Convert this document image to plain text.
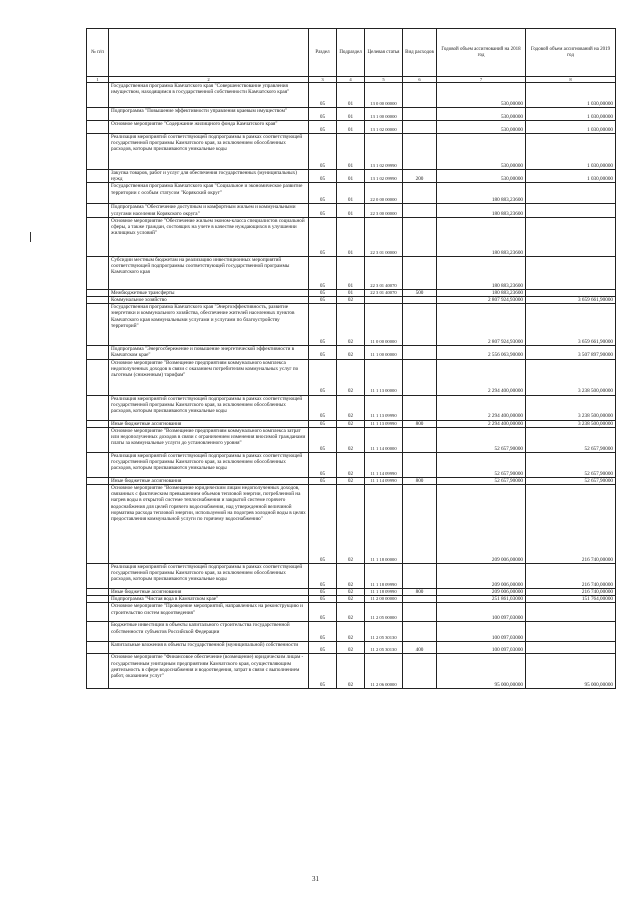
№ п/п		Раздел	Подраздел	Целевая статья	Вид расходов	Годовой объем ассигнований на 2018 год	Годовой объем ассигнований на 2019 год
1	2	3	4	5	6	7	8
	Государственная программа Камчатского края "Совершенствование управления имуществом, находящимся в государственной собственности Камчатского края"	05	01	13 0 00 00000		530,00000	1 030,00000
	Подпрограмма "Повышение эффективности управления краевым имуществом"	05	01	13 1 00 00000		530,00000	1 030,00000
	Основное мероприятие "Содержание жилищного фонда Камчатского края"	05	01	13 1 02 00000		530,00000	1 030,00000
	Реализация мероприятий соответствующей подпрограммы в рамках соответствующей государственной программы Камчатского края, за исключением обособленных расходов, которым присваиваются уникальные коды	05	01	13 1 02 09990		530,00000	1 030,00000
	Закупка товаров, работ и услуг для обеспечения государственных (муниципальных) нужд	05	01	13 1 02 09990	200	530,00000	1 030,00000
	Государственная программа Камчатского края "Социальное и экономическое развитие территории с особым статусом "Корякский округ"	05	01	22 0 00 00000		180 883,23600	
	Подпрограмма "Обеспечение доступным и комфортным жильем и коммунальными услугами населения Корякского округа"	05	01	22 3 00 00000		180 883,23600	
	Основное мероприятие "Обеспечение жильем эконом-класса специалистов социальной сферы, а также граждан, состоящих на учете в качестве нуждающихся в улучшении жилищных условий"	05	01	22 3 01 00000		180 883,23600	
	Субсидии местным бюджетам на реализацию инвестиционных мероприятий соответствующей подпрограммы соответствующей государственной программы Камчатского края	05	01	22 3 01 40070		180 883,23600	
	Межбюджетные трансферты	05	01	22 3 01 40070	500	180 883,23600	
	Коммунальное хозяйство	05	02			2 807 924,93000	3 659 661,90000
	Государственная программа Камчатского края "Энергоэффективность, развитие энергетики и коммунального хозяйства, обеспечение жителей населенных пунктов Камчатского края коммунальными услугами и услугами по благоустройству территорий"	05	02	11 0 00 00000		2 807 924,93000	3 659 661,90000
	Подпрограмма "Энергосбережение и повышение энергетической эффективности в Камчатском крае"	05	02	11 1 00 00000		2 556 063,90000	3 507 897,90000
	Основное мероприятие "Возмещение предприятиям коммунального комплекса недополученных доходов в связи с оказанием потребителям коммунальных услуг по льготным (сниженным) тарифам"	05	02	11 1 13 00000		2 294 400,00000	3 238 500,00000
	Реализация мероприятий соответствующей подпрограммы в рамках соответствующей государственной программы Камчатского края, за исключением обособленных расходов, которым присваиваются уникальные коды	05	02	11 1 13 09990		2 294 400,00000	3 238 500,00000
	Иные бюджетные ассигнования	05	02	11 1 13 09990	800	2 294 400,00000	3 238 500,00000
	Основное мероприятие "Возмещение предприятиям коммунального комплекса затрат или недополученных доходов в связи с ограничением изменения вносимой гражданами платы за коммунальные услуги до установленного уровня"	05	02	11 1 14 00000		52 657,90000	52 657,90000
	Реализация мероприятий соответствующей подпрограммы в рамках соответствующей государственной программы Камчатского края, за исключением обособленных расходов, которым присваиваются уникальные коды	05	02	11 1 14 09990		52 657,90000	52 657,90000
	Иные бюджетные ассигнования	05	02	11 1 14 09990	800	52 657,90000	52 657,90000
	Основное мероприятие "Возмещение юридическим лицам недополученных доходов, связанных с фактическим превышением объемов тепловой энергии, потребленной на нагрев воды в открытой системе теплоснабжения и закрытой системе горячего водоснабжения для целей горячего водоснабжения, над утвержденной величиной норматива расхода тепловой энергии, используемой на подогрев холодной воды в целях предоставления коммунальной услуги по горячему водоснабжению"	05	02	11 1 18 00000		209 006,00000	216 740,00000
	Реализация мероприятий соответствующей подпрограммы в рамках соответствующей государственной программы Камчатского края, за исключением обособленных расходов, которым присваиваются уникальные коды	05	02	11 1 18 09990		209 006,00000	216 740,00000
	Иные бюджетные ассигнования	05	02	11 1 18 09990	800	209 006,00000	216 740,00000
	Подпрограмма "Чистая вода в Камчатском крае"	05	02	11 2 00 00000		251 861,03000	151 764,00000
	Основное мероприятие "Проведение мероприятий, направленных на реконструкцию и строительство систем водоотведения"	05	02	11 2 05 00000		100 097,03000	
	Бюджетные инвестиции в объекты капитального строительства государственной собственности субъектов Российской Федерации	05	02	11 2 05 30130		100 097,03000	
	Капитальные вложения в объекты государственной (муниципальной) собственности	05	02	11 2 05 30130	400	100 097,03000	
	Основное мероприятие "Финансовое обеспечение (возмещение) юридическим лицам - государственным унитарным предприятиям Камчатского края, осуществляющим деятельность в сфере водоснабжения и водоотведения, затрат в связи с выполнением работ, оказанием услуг"	05	02	11 2 06 00000		95 000,00000	95 000,00000
31
